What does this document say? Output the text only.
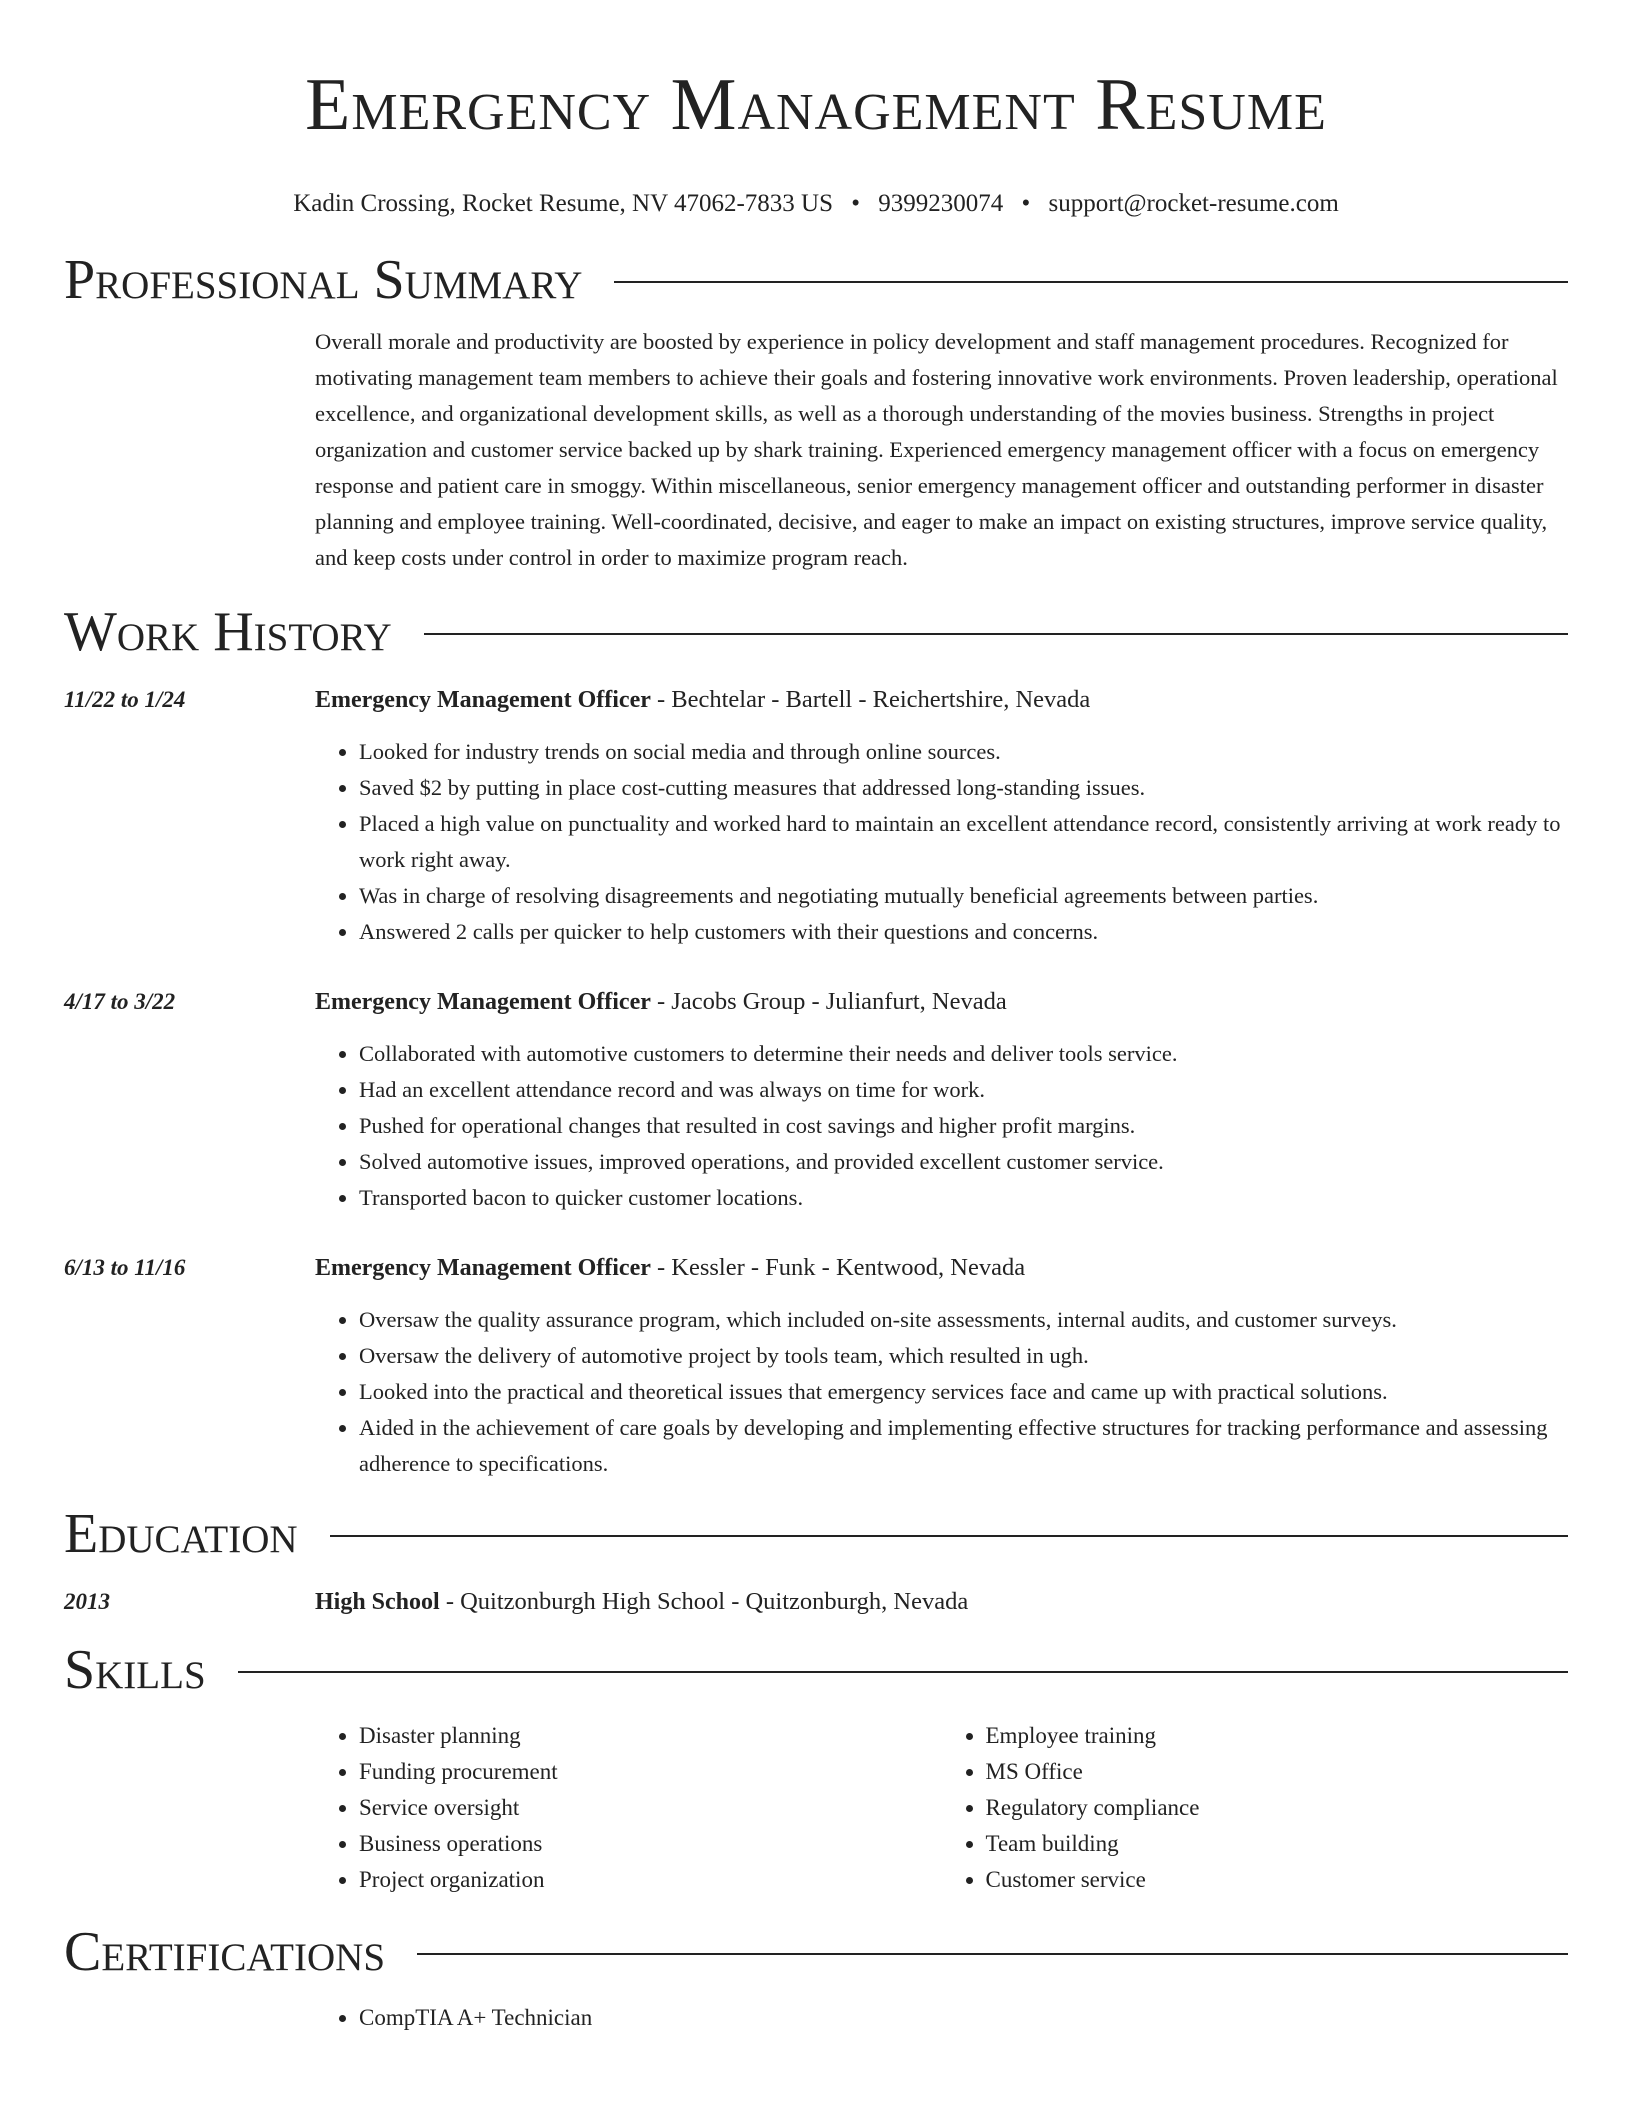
Emergency Management Resume
Kadin Crossing, Rocket Resume, NV 47062-7833 US • 9399230074 • support@rocket-resume.com
Professional Summary

Overall morale and productivity are boosted by experience in policy development and staff management procedures. Recognized for motivating management team members to achieve their goals and fostering innovative work environments. Proven leadership, operational excellence, and organizational development skills, as well as a thorough understanding of the movies business. Strengths in project organization and customer service backed up by shark training. Experienced emergency management officer with a focus on emergency response and patient care in smoggy. Within miscellaneous, senior emergency management officer and outstanding performer in disaster planning and employee training. Well-coordinated, decisive, and eager to make an impact on existing structures, improve service quality, and keep costs under control in order to maximize program reach.

Work History
11/22 to 1/24	Emergency Management Officer - Bechtelar - Bartell - Reichertshire, Nevada
• Looked for industry trends on social media and through online sources.
• Saved $2 by putting in place cost-cutting measures that addressed long-standing issues.
• Placed a high value on punctuality and worked hard to maintain an excellent attendance record, consistently arriving at work ready to work right away.
• Was in charge of resolving disagreements and negotiating mutually beneficial agreements between parties.
• Answered 2 calls per quicker to help customers with their questions and concerns.
4/17 to 3/22	Emergency Management Officer - Jacobs Group - Julianfurt, Nevada
• Collaborated with automotive customers to determine their needs and deliver tools service.
• Had an excellent attendance record and was always on time for work.
• Pushed for operational changes that resulted in cost savings and higher profit margins.
• Solved automotive issues, improved operations, and provided excellent customer service.
• Transported bacon to quicker customer locations.
6/13 to 11/16	Emergency Management Officer - Kessler - Funk - Kentwood, Nevada
• Oversaw the quality assurance program, which included on-site assessments, internal audits, and customer surveys.
• Oversaw the delivery of automotive project by tools team, which resulted in ugh.
• Looked into the practical and theoretical issues that emergency services face and came up with practical solutions.
• Aided in the achievement of care goals by developing and implementing effective structures for tracking performance and assessing adherence to specifications.
Education
2013	High School - Quitzonburgh High School - Quitzonburgh, Nevada
Skills
• Disaster planning
• Funding procurement
• Service oversight
• Business operations
• Project organization
• Employee training
• MS Office
• Regulatory compliance
• Team building
• Customer service
Certifications
• CompTIA A+ Technician
